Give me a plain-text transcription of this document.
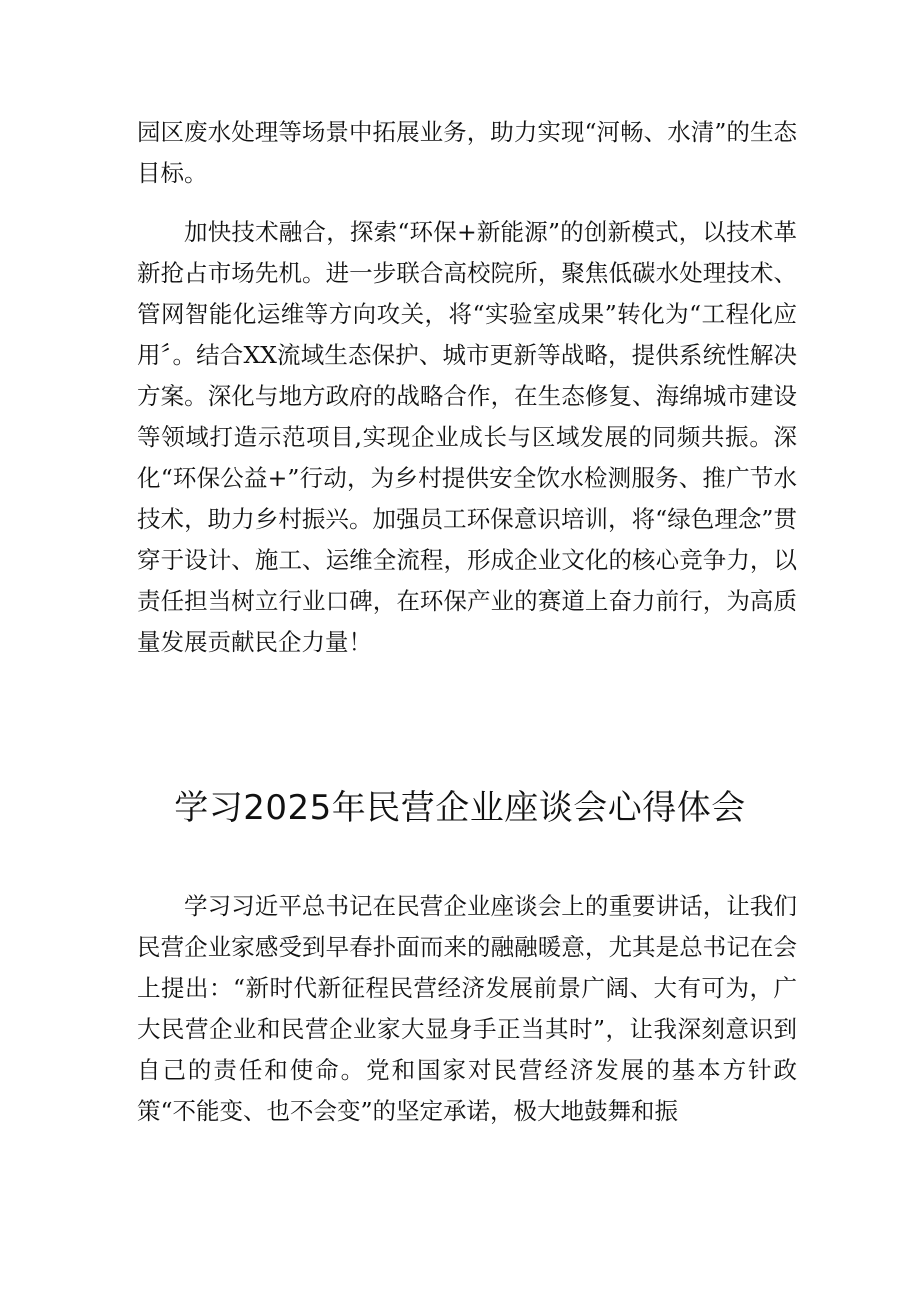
园区废水处理等场景中拓展业务，助力实现“河畅、水清”的生态目标。

加快技术融合，探索“环保+新能源”的创新模式，以技术革新抢占市场先机。进一步联合高校院所，聚焦低碳水处理技术、管网智能化运维等方向攻关，将“实验室成果”转化为“工程化应用〞。结合XX流域生态保护、城市更新等战略，提供系统性解决方案。深化与地方政府的战略合作，在生态修复、海绵城市建设等领域打造示范项目,实现企业成长与区域发展的同频共振。深化“环保公益+”行动，为乡村提供安全饮水检测服务、推广节水技术，助力乡村振兴。加强员工环保意识培训，将“绿色理念”贯穿于设计、施工、运维全流程，形成企业文化的核心竞争力，以责任担当树立行业口碑，在环保产业的赛道上奋力前行，为高质量发展贡献民企力量！

学习2025年民营企业座谈会心得体会

学习习近平总书记在民营企业座谈会上的重要讲话，让我们民营企业家感受到早春扑面而来的融融暖意，尤其是总书记在会上提出：“新时代新征程民营经济发展前景广阔、大有可为，广大民营企业和民营企业家大显身手正当其时”，让我深刻意识到自己的责任和使命。党和国家对民营经济发展的基本方针政策“不能变、也不会变”的坚定承诺，极大地鼓舞和振
